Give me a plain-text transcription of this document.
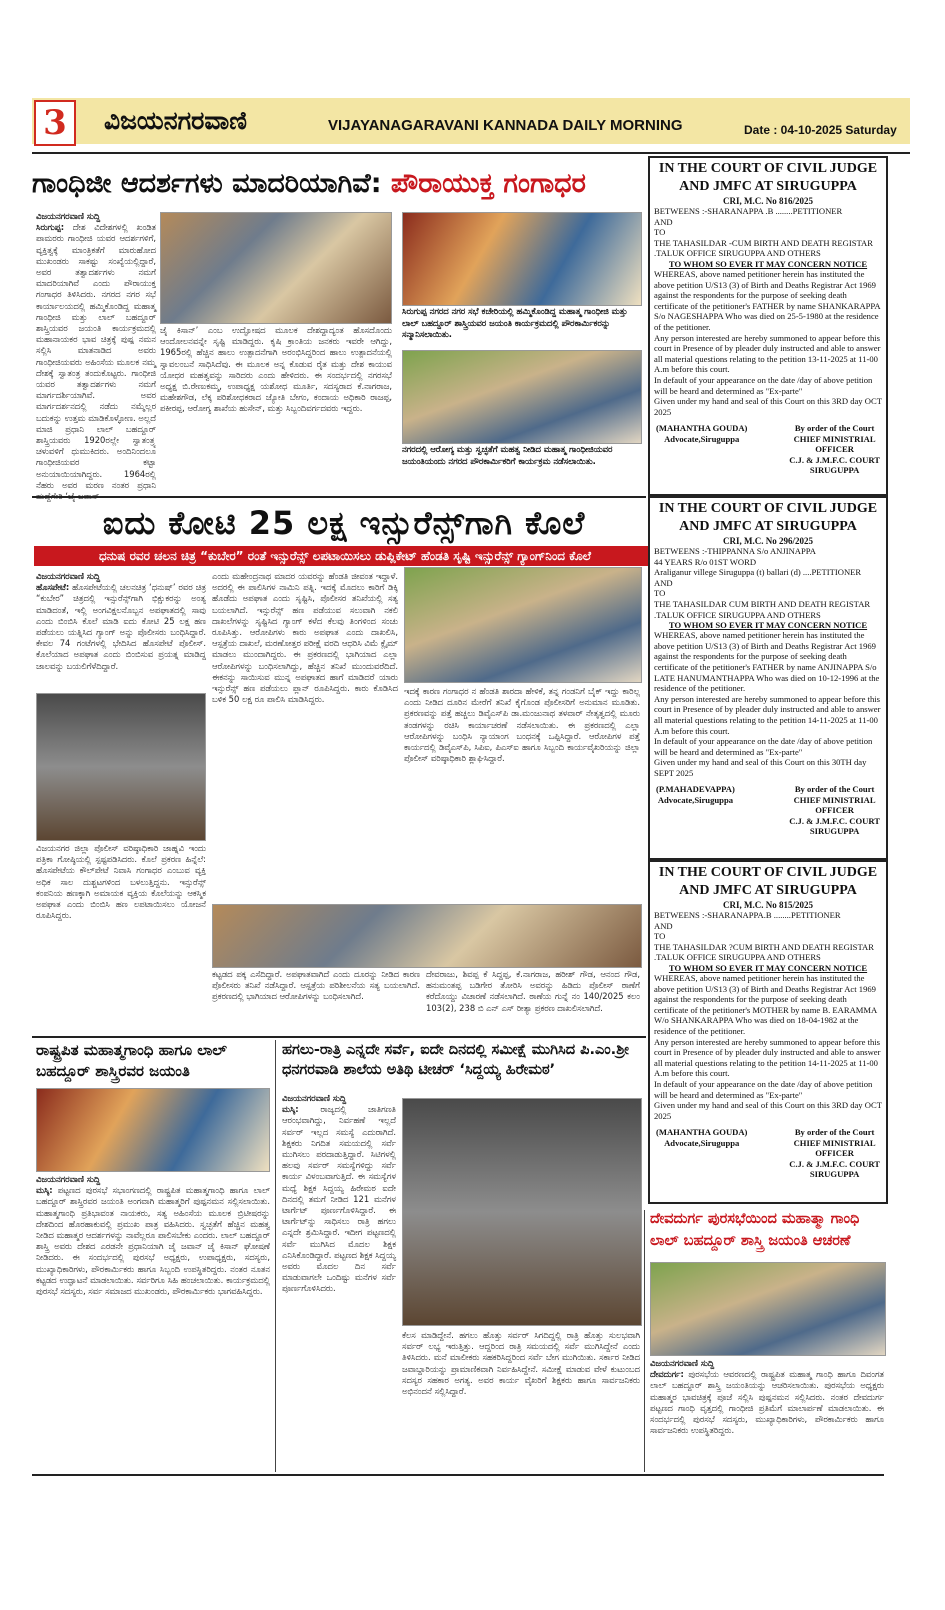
3	ವಿಜಯನಗರವಾಣಿ	VIJAYANAGARAVANI KANNADA DAILY MORNING	Date : 04-10-2025 Saturday
ಗಾಂಧಿಜೀ ಆದರ್ಶಗಳು ಮಾದರಿಯಾಗಿವೆ: ಪೌರಾಯುಕ್ತ ಗಂಗಾಧರ
ವಿಜಯನಗರವಾಣಿ ಸುದ್ದಿ
ಸಿರುಗುಪ್ಪ: ದೇಶ ವಿದೇಶಗಳಲ್ಲಿ ಖಂಡಿತ ಪಾಮರರು ಗಾಂಧೀಜಿ ಯವರ ಆದರ್ಶಗಳಿಗೆ, ವ್ಯಕ್ತಿತ್ವಕ್ಕೆ ಮಾಂತ್ರಿಕತೆಗೆ ಮಾರುಹೋದ ಮುಖಂಡರು ಸಾಕಷ್ಟು ಸಂಖ್ಯೆಯಲ್ಲಿದ್ದಾರೆ, ಅವರ ತತ್ವಾದರ್ಶಗಳು ನಮಗೆ ಮಾದರಿಯಾಗಿವೆ ಎಂದು ಪೌರಾಯುಕ್ತ ಗಂಗಾಧರ ತಿಳಿಸಿದರು. ನಗರದ ನಗರ ಸಭೆ ಕಾರ್ಯಾಲಯದಲ್ಲಿ ಹಮ್ಮಿಕೊಂಡಿದ್ದ ಮಹಾತ್ಮ ಗಾಂಧೀಜಿ ಮತ್ತು ಲಾಲ್ ಬಹದ್ದೂರ್ ಶಾಸ್ತ್ರಿಯವರ ಜಯಂತಿ ಕಾರ್ಯಕ್ರಮದಲ್ಲಿ ಮಹಾನಾಯಕರ ಭಾವ ಚಿತ್ರಕ್ಕೆ ಪುಷ್ಪ ನಮನ ಸಲ್ಲಿಸಿ ಮಾತನಾಡಿದ ಅವರು ಗಾಂಧೀಜಿಯವರು ಅಹಿಂಸೆಯ ಮೂಲಕ ನಮ್ಮ ದೇಶಕ್ಕೆ ಸ್ವಾತಂತ್ರ ತಂದುಕೊಟ್ಟರು. ಗಾಂಧೀಜಿ ಯವರ ತತ್ವಾದರ್ಶಗಳು ನಮಗೆ ಮಾರ್ಗದರ್ಶಿಯಾಗಿವೆ. ಅವರ ಮಾರ್ಗದರ್ಶನದಲ್ಲಿ ನಡೆದು ನಮ್ಮೆಲ್ಲರ ಬದುಕನ್ನು ಉತ್ತಮ ಮಾಡಿಕೊಳ್ಳೋಣ. ಅಲ್ಲದೆ ಮಾಜಿ ಪ್ರಧಾನಿ ಲಾಲ್ ಬಹದ್ದೂರ್ ಶಾಸ್ತ್ರಿಯವರು 1920ರಲ್ಲೇ ಸ್ವಾತಂತ್ರ್ಯ ಚಳುವಳಿಗೆ ಧುಮುಕಿದರು. ಅಂದಿನಿಂದಲೂ ಗಾಂಧೀಜಿಯವರ ಕಟ್ಟಾ ಅನುಯಾಯಿಯಾಗಿದ್ದರು. 1964ರಲ್ಲಿ ನೆಹರು ಅವರ ಮರಣ ನಂತರ ಪ್ರಧಾನಿ
ಜೈ ಕಿಸಾನ್’ ಎಂಬ ಉದ್ಘೋಷದ ಮೂಲಕ ದೇಶದ್ದಾದ್ಯಂತ ಹೊಸದೊಂದು ಆಂದೋಲನವನ್ನೇ ಸೃಷ್ಟಿ ಮಾಡಿದ್ದರು. ಕೃಷಿ ಕ್ರಾಂತಿಯ ಜನಕರು ಇವರೇ ಆಗಿದ್ದು, 1965ರಲ್ಲಿ ಹೆಚ್ಚಿನ ಹಾಲು ಉತ್ಪಾದನೆಗಾಗಿ ಅರಂಭಿಸಿದ್ದರಿಂದ ಹಾಲು ಉತ್ಪಾದನೆಯಲ್ಲಿ ಸ್ವಾವಲಂಬನೆ ಸಾಧಿಸಿದೆವು. ಈ ಮೂಲಕ ಅನ್ನ ಕೊಡುವ ರೈತ ಮತ್ತು ದೇಶ ಕಾಯುವ ಯೋಧರ ಮಹತ್ವವನ್ನು ಸಾರಿದರು ಎಂದು ಹೇಳಿದರು. ಈ ಸಂದರ್ಭದಲ್ಲಿ ನಗರಸಭೆ ಅಧ್ಯಕ್ಷ ಬಿ.ರೇಣುಕಮ್ಮ, ಉಪಾಧ್ಯಕ್ಷ ಯಶೋಧ ಮೂರ್ತಿ, ಸದಸ್ಯರಾದ ಕೆ.ನಾಗರಾಜ, ಮಹೇಶಗೌಡ, ಲೆಕ್ಕ ಪರಿಶೋಧಕರಾದ ಜ್ಯೋತಿ ಬೇಗಂ, ಕಂದಾಯ ಅಧಿಕಾರಿ ರಾಜಪ್ಪ, ಪಕೀರಪ್ಪ, ಆರೋಗ್ಯ ಶಾಖೆಯ ಹುಸೇನ್, ಮತ್ತು ಸಿಬ್ಬಂದಿವರ್ಗದವರು ಇದ್ದರು.
ಸಿರುಗುಪ್ಪ ನಗರದ ನಗರ ಸಭೆ ಕಚೇರಿಯಲ್ಲಿ ಹಮ್ಮಿಕೊಂಡಿದ್ದ ಮಹಾತ್ಮ ಗಾಂಧೀಜಿ ಮತ್ತು ಲಾಲ್ ಬಹದ್ದೂರ್ ಶಾಸ್ತ್ರಿಯವರ ಜಯಂತಿ ಕಾರ್ಯಕ್ರಮದಲ್ಲಿ ಪೌರಕಾರ್ಮಿಕರನ್ನು ಸನ್ಮಾನಿಸಲಾಯಿತು.
ನಗರದಲ್ಲಿ ಆರೋಗ್ಯ ಮತ್ತು ಸ್ವಚ್ಛತೆಗೆ ಮಹತ್ವ ನೀಡಿದ ಮಹಾತ್ಮ ಗಾಂಧೀಜಿಯವರ ಜಯಂತಿಯಂದು ನಗರದ ಪೌರಕಾರ್ಮಿಕರಿಗೆ ಕಾರ್ಯಕ್ರಮ ನಡೆಸಲಾಯಿತು.
ಐದು ಕೋಟಿ 25 ಲಕ್ಷ ಇನ್ಸುರೆನ್ಸ್‌ಗಾಗಿ ಕೊಲೆ
ಧನುಷ ರವರ ಚಲನ ಚಿತ್ರ “ಕುಬೇರ” ರಂತೆ ಇನ್ಸುರೆನ್ಸ್ ಲಪಟಾಯಿಸಲು ಡುಪ್ಲಿಕೇಟ್ ಹೆಂಡತಿ ಸೃಷ್ಟಿ ಇನ್ಸುರೆನ್ಸ್ ಗ್ಯಾಂಗ್‌ನಿಂದ ಕೊಲೆ
ವಿಜಯನಗರವಾಣಿ ಸುದ್ದಿ
ಹೊಸಪೇಟೆ: ಹೊಸಪೇಟೆಯಲ್ಲಿ ಚಲನಚಿತ್ರ ‘ಧನುಷ್’ ರವರ ಚಿತ್ರ “ಕುಬೇರ” ಚಿತ್ರದಲ್ಲಿ ಇನ್ಸುರೆನ್ಸ್‌ಗಾಗಿ ಭಿಕ್ಷುಕರನ್ನು ಅಂತ್ಯ ಮಾಡಿದಂತೆ, ಇಲ್ಲಿ ಅಂಗವಿಕ್ಷಲನೊಬ್ಬನ ಅಪಘಾತದಲ್ಲಿ ಸಾವು ಎಂದು ಬಿಂಬಿಸಿ ಕೊಲೆ ಮಾಡಿ ಐದು ಕೋಟಿ 25 ಲಕ್ಷ ಹಣ ಪಡೆಯಲು ಯತ್ನಿಸಿದ ಗ್ಯಾಂಗ್ ಅನ್ನು ಪೊಲೀಸರು ಬಂಧಿಸಿದ್ದಾರೆ. ಕೇವಲ 74 ಗಂಟೆಗಳಲ್ಲಿ ಭೇದಿಸಿದ ಹೊಸಪೇಟೆ ಪೊಲೀಸ್. ಕೊಲೆಯಾದ ಅಪಘಾತ ಎಂದು ಬಿಂಬಿಸುವ ಪ್ರಯತ್ನ ಮಾಡಿದ್ದ ಜಾಲವನ್ನು ಬಯಲಿಗೆಳೆದಿದ್ದಾರೆ.
ವಿಜಯನಗರ ಜಿಲ್ಲಾ ಪೊಲೀಸ್ ವರಿಷ್ಠಾಧಿಕಾರಿ ಜಾಹ್ನವಿ ಇಂದು ಪತ್ರಿಕಾ ಗೋಷ್ಠಿಯಲ್ಲಿ ಸ್ಪಷ್ಟಪಡಿಸಿದರು. ಕೊಲೆ ಪ್ರಕರಣ ಹಿನ್ನೆಲೆ: ಹೊಸಪೇಟೆಯ ಕೌಲ್‌ಪೇಟೆ ನಿವಾಸಿ ಗಂಗಾಧರ ಎಂಬುವ ವ್ಯಕ್ತಿ ಅಧಿಕ ಸಾಲ ದುಶ್ಚಟಗಳಿಂದ ಬಳಲುತ್ತಿದ್ದನು. ಇನ್ಸುರೆನ್ಸ್ ಕಂಪನಿಯ ಹಣಕ್ಕಾಗಿ ಅಮಾಯಕ ವ್ಯಕ್ತಿಯ ಕೊಲೆಯನ್ನು ಆಕಸ್ಮಿಕ ಅಪಘಾತ ಎಂದು ಬಿಂಬಿಸಿ ಹಣ ಲಪಟಾಯಿಸಲು ಯೋಜನೆ ರೂಪಿಸಿದ್ದರು.
ಎಂದು ಮಹೇಂದ್ರನಾಥ ಮಾದರ ಯವರನ್ನು ಹೆಂಡತಿ ಜೀವಂತ ಇದ್ದಾಳೆ. ಅದರಲ್ಲಿ ಈ ಪಾಲಿಸಿಗಳ ನಾಮಿನಿ ಪತ್ನಿ. ಇದಕ್ಕೆ ಮೊದಲು ಕಾರಿಗೆ ಡಿಕ್ಕಿ ಹೊಡೆದು ಅಪಘಾತ ಎಂದು ಸೃಷ್ಟಿಸಿ, ಪೊಲೀಸರ ತನಿಖೆಯಲ್ಲಿ ಸತ್ಯ ಬಯಲಾಗಿದೆ. ಇನ್ಸುರೆನ್ಸ್ ಹಣ ಪಡೆಯುವ ಸಲುವಾಗಿ ನಕಲಿ ದಾಖಲೆಗಳನ್ನು ಸೃಷ್ಟಿಸಿದ ಗ್ಯಾಂಗ್ ಕಳೆದ ಕೆಲವು ತಿಂಗಳಿಂದ ಸಂಚು ರೂಪಿಸಿತ್ತು. ಆರೋಪಿಗಳು ಕಾರು ಅಪಘಾತ ಎಂದು ದಾಖಲಿಸಿ, ಆಸ್ಪತ್ರೆಯ ದಾಖಲೆ, ಮರಣೋತ್ತರ ಪರೀಕ್ಷೆ ವರದಿ ಆಧರಿಸಿ ವಿಮೆ ಕ್ಲೈಮ್ ಮಾಡಲು ಮುಂದಾಗಿದ್ದರು. ಈ ಪ್ರಕರಣದಲ್ಲಿ ಭಾಗಿಯಾದ ಎಲ್ಲಾ ಆರೋಪಿಗಳನ್ನು ಬಂಧಿಸಲಾಗಿದ್ದು, ಹೆಚ್ಚಿನ ತನಿಖೆ ಮುಂದುವರೆದಿದೆ. ಈಕನನ್ನು ಸಾಯಿಸುವ ಮುನ್ನ ಅಪಘಾತದ ಹಾಗೆ ಮಾಡಿದರೆ ಯಾರು ಇನ್ಸುರೆನ್ಸ್ ಹಣ ಪಡೆಯಲು ಪ್ಲಾನ್ ರೂಪಿಸಿದ್ದರು. ಕಾರು ಕೊಡಿಸಿದ ಬಳಿಕ 50 ಲಕ್ಷ ರೂ ಪಾಲಿಸಿ ಮಾಡಿಸಿದ್ದರು.
ಇದಕ್ಕೆ ಕಾರಣ ಗಂಗಾಧರ ನ ಹೆಂಡತಿ ಶಾರದಾ ಹೇಳಿಕೆ, ತನ್ನ ಗಂಡನಿಗೆ ಬೈಕ್ ಇದ್ದು ಕಾರಿಲ್ಲ ಎಂದು ನೀಡಿದ ದೂರಿನ ಮೇರೆಗೆ ತನಿಖೆ ಕೈಗೊಂಡ ಪೊಲೀಸರಿಗೆ ಅನುಮಾನ ಮೂಡಿತು. ಪ್ರಕರಣವನ್ನು ಪತ್ತೆ ಹಚ್ಚಲು ಡಿವೈಎಸ್‌ಪಿ ಡಾ.ಮಂಜುನಾಥ ತಳವಾರ್ ನೇತೃತ್ವದಲ್ಲಿ ಮೂರು ತಂಡಗಳನ್ನು ರಚಿಸಿ ಕಾರ್ಯಾಚರಣೆ ನಡೆಸಲಾಯಿತು. ಈ ಪ್ರಕರಣದಲ್ಲಿ ಎಲ್ಲಾ ಆರೋಪಿಗಳನ್ನು ಬಂಧಿಸಿ ನ್ಯಾಯಾಂಗ ಬಂಧನಕ್ಕೆ ಒಪ್ಪಿಸಿದ್ದಾರೆ. ಆರೋಪಿಗಳ ಪತ್ತೆ ಕಾರ್ಯದಲ್ಲಿ ಡಿವೈಎಸ್‌ಪಿ, ಸಿಪಿಐ, ಪಿಎಸ್‌ಐ ಹಾಗೂ ಸಿಬ್ಬಂದಿ ಕಾರ್ಯವೈಖರಿಯನ್ನು ಜಿಲ್ಲಾ ಪೊಲೀಸ್ ವರಿಷ್ಠಾಧಿಕಾರಿ ಶ್ಲಾಘಿಸಿದ್ದಾರೆ.
ಕಟ್ಟಡದ ಪಕ್ಕ ಎಸೆದಿದ್ದಾರೆ. ಅಪಘಾತವಾಗಿದೆ ಎಂದು ದೂರನ್ನು ನೀಡಿದ ಕಾರಣ ಪೊಲೀಸರು ತನಿಖೆ ನಡೆಸಿದ್ದಾರೆ. ಆಸ್ಪತ್ರೆಯ ಪರಿಶೀಲನೆಯ ಸತ್ಯ ಬಯಲಾಗಿದೆ. ಪ್ರಕರಣದಲ್ಲಿ ಭಾಗಿಯಾದ ಆರೋಪಿಗಳನ್ನು ಬಂಧಿಸಲಾಗಿದೆ.
ದೇವರಾಜು, ಶಿವಪ್ಪ ಕೆ ಸಿದ್ದಪ್ಪ, ಕೆ.ನಾಗರಾಜ, ಹರೀಶ್ ಗೌಡ, ಆನಂದ ಗೌಡ, ಹನುಮಂತಪ್ಪ ಬಡಿಗೇರ ತೋರಿಸಿ ಅವರನ್ನು ಹಿಡಿದು ಪೊಲೀಸ್ ಠಾಣೆಗೆ ಕರೆದೊಯ್ದು ವಿಚಾರಣೆ ನಡೆಸಲಾಗಿದೆ. ಠಾಣೆಯ ಗುನ್ನೆ ನಂ 140/2025 ಕಲಂ 103(2), 238 ಬಿ ಎನ್ ಎಸ್ ರೀತ್ಯಾ ಪ್ರಕರಣ ದಾಖಲಿಸಲಾಗಿದೆ.
ರಾಷ್ಟ್ರಪಿತ ಮಹಾತ್ಮಗಾಂಧಿ ಹಾಗೂ ಲಾಲ್ ಬಹದ್ದೂರ್ ಶಾಸ್ತ್ರಿರವರ ಜಯಂತಿ
ವಿಜಯನಗರವಾಣಿ ಸುದ್ದಿ
ಮಸ್ಕಿ: ಪಟ್ಟಣದ ಪುರಸಭೆ ಸಭಾಂಗಣದಲ್ಲಿ ರಾಷ್ಟ್ರಪಿತ ಮಹಾತ್ಮಗಾಂಧಿ ಹಾಗೂ ಲಾಲ್ ಬಹದ್ದೂರ್ ಶಾಸ್ತ್ರಿರವರ ಜಯಂತಿ ಅಂಗವಾಗಿ ಮಹಾತ್ಮರಿಗೆ ಪುಷ್ಪನಮನ ಸಲ್ಲಿಸಲಾಯಿತು. ಮಹಾತ್ಮಗಾಂಧಿ ಪ್ರತಿಭಾವಂತ ನಾಯಕರು, ಸತ್ಯ ಅಹಿಂಸೆಯ ಮೂಲಕ ಬ್ರಿಟೀಷರನ್ನು ದೇಶದಿಂದ ಹೊರಹಾಕುವಲ್ಲಿ ಪ್ರಮುಖ ಪಾತ್ರ ವಹಿಸಿದರು. ಸ್ವಚ್ಛತೆಗೆ ಹೆಚ್ಚಿನ ಮಹತ್ವ ನೀಡಿದ ಮಹಾತ್ಮರ ಆದರ್ಶಗಳನ್ನು ನಾವೆಲ್ಲರೂ ಪಾಲಿಸಬೇಕು ಎಂದರು. ಲಾಲ್ ಬಹದ್ದೂರ್ ಶಾಸ್ತ್ರಿ ಅವರು ದೇಶದ ಎರಡನೇ ಪ್ರಧಾನಿಯಾಗಿ ಜೈ ಜವಾನ್ ಜೈ ಕಿಸಾನ್ ಘೋಷಣೆ ನೀಡಿದರು. ಈ ಸಂದರ್ಭದಲ್ಲಿ ಪುರಸಭೆ ಅಧ್ಯಕ್ಷರು, ಉಪಾಧ್ಯಕ್ಷರು, ಸದಸ್ಯರು, ಮುಖ್ಯಾಧಿಕಾರಿಗಳು, ಪೌರಕಾರ್ಮಿಕರು ಹಾಗೂ ಸಿಬ್ಬಂದಿ ಉಪಸ್ಥಿತರಿದ್ದರು. ನಂತರ ನೂತನ ಕಟ್ಟಡದ ಉದ್ಘಾಟನೆ ಮಾಡಲಾಯಿತು. ಸರ್ವರಿಗೂ ಸಿಹಿ ಹಂಚಲಾಯಿತು. ಕಾರ್ಯಕ್ರಮದಲ್ಲಿ ಪುರಸಭೆ ಸದಸ್ಯರು, ಸರ್ವ ಸಮಾಜದ ಮುಖಂಡರು, ಪೌರಕಾರ್ಮಿಕರು ಭಾಗವಹಿಸಿದ್ದರು.
ಹಗಲು-ರಾತ್ರಿ ಎನ್ನದೇ ಸರ್ವೆ, ಐದೇ ದಿನದಲ್ಲಿ ಸಮೀಕ್ಷೆ ಮುಗಿಸಿದ ಪಿ.ಎಂ.ಶ್ರೀ ಧನಗರವಾಡಿ ಶಾಲೆಯ ಅತಿಥಿ ಟೀಚರ್ ‘ಸಿದ್ದಯ್ಯ ಹಿರೇಮಠ’
ವಿಜಯನಗರವಾಣಿ ಸುದ್ದಿ
ಮಸ್ಕಿ:	ರಾಜ್ಯದಲ್ಲಿ ಜಾತಿಗಣತಿ ಆರಂಭವಾಗಿದ್ದು, ನಿರ್ವಹಣೆ ಇಲ್ಲದೆ ಸರ್ವರ್ ಇಲ್ಲದ ಸಮಸ್ಯೆ ಎದುರಾಗಿದೆ. ಶಿಕ್ಷಕರು ನಿಗದಿತ ಸಮಯದಲ್ಲಿ ಸರ್ವೆ ಮುಗಿಸಲು ಪರದಾಡುತ್ತಿದ್ದಾರೆ. ಸಿಟಿಗಳಲ್ಲಿ ಹಲವು ಸರ್ವರ್ ಸಮಸ್ಯೆಗಳಿದ್ದು ಸರ್ವೆ ಕಾರ್ಯ ವಿಳಂಬವಾಗುತ್ತಿದೆ. ಈ ಸಮಸ್ಯೆಗಳ ಮಧ್ಯೆ ಶಿಕ್ಷಕ ಸಿದ್ದಯ್ಯ ಹಿರೇಮಠ ಐದೇ ದಿನದಲ್ಲಿ ತಮಗೆ ನೀಡಿದ 121 ಮನೆಗಳ ಟಾರ್ಗೆಟ್ ಪೂರ್ಣಗೊಳಿಸಿದ್ದಾರೆ. ಈ ಟಾರ್ಗೆಟ್‌ನ್ನು ಸಾಧಿಸಲು ರಾತ್ರಿ ಹಗಲು ಎನ್ನದೇ ಶ್ರಮಿಸಿದ್ದಾರೆ. ಇದೀಗ ಪಟ್ಟಣದಲ್ಲಿ ಸರ್ವೆ ಮುಗಿಸಿದ ಮೊದಲ ಶಿಕ್ಷಕ ಎನಿಸಿಕೊಂಡಿದ್ದಾರೆ. ಪಟ್ಟಣದ ಶಿಕ್ಷಕ ಸಿದ್ದಯ್ಯ ಅವರು ಮೊದಲ ದಿನ ಸರ್ವೆ ಮಾಡುವಾಗಲೇ ಒಂದಿಷ್ಟು ಮನೆಗಳ ಸರ್ವೆ ಪೂರ್ಣಗೊಳಿಸಿದರು.
ಕೆಲಸ ಮಾಡಿದ್ದೇನೆ. ಹಗಲು ಹೊತ್ತು ಸರ್ವರ್ ಸಿಗದಿದ್ದಲ್ಲಿ ರಾತ್ರಿ ಹೊತ್ತು ಸುಲಭವಾಗಿ ಸರ್ವರ್ ಲಭ್ಯ ಇರುತ್ತಿತ್ತು. ಆದ್ದರಿಂದ ರಾತ್ರಿ ಸಮಯದಲ್ಲಿ ಸರ್ವೆ ಮುಗಿಸಿದ್ದೇನೆ ಎಂದು ತಿಳಿಸಿದರು. ಮನೆ ಮಾಲೀಕರು ಸಹಕರಿಸಿದ್ದರಿಂದ ಸರ್ವೆ ಬೇಗ ಮುಗಿಯಿತು. ಸರ್ಕಾರ ನೀಡಿದ ಜವಾಬ್ದಾರಿಯನ್ನು ಪ್ರಾಮಾಣಿಕವಾಗಿ ನಿರ್ವಹಿಸಿದ್ದೇನೆ. ಸಮೀಕ್ಷೆ ಮಾಡುವ ವೇಳೆ ಕುಟುಂಬದ ಸದಸ್ಯರ ಸಹಕಾರ ಅಗತ್ಯ. ಅವರ ಕಾರ್ಯ ವೈಖರಿಗೆ ಶಿಕ್ಷಕರು ಹಾಗೂ ಸಾರ್ವಜನಿಕರು ಅಭಿನಂದನೆ ಸಲ್ಲಿಸಿದ್ದಾರೆ.
IN THE COURT OF CIVIL JUDGE AND JMFC AT SIRUGUPPA
CRI, M.C. No 816/2025
BETWEENS :-SHARANAPPA .B ........PETITIONER
AND
TO
THE TAHASILDAR -CUM BIRTH AND DEATH REGISTAR .TALUK OFFICE SIRUGUPPA AND OTHERS
TO WHOM SO EVER IT MAY CONCERN NOTICE
WHEREAS, above named petitioner herein has instituted the above petition U/S13 (3) of Birth and Deaths Registrar Act 1969 against the respondents for the purpose of seeking death certificate of the petitioner's FATHER by name SHANKARAPPA S/o NAGESHAPPA Who was died on 25-5-1980 at the residence of the petitioner.
Any person interested are hereby summoned to appear before this court in Presence of by pleader duly instructed and able to answer all material questions relating to the petition 13-11-2025 at 11-00 A.m before this court.
In default of your appearance on the date /day of above petition will be heard and determined as "Ex-parte"
Given under my hand and seal of this Court on this 3RD day OCT 2025
(MAHANTHA GOUDA)
Advocate,Siruguppa
By order of the Court
CHIEF MINISTRIAL
OFFICER
C.J. & J.M.F.C. COURT
SIRUGUPPA
IN THE COURT OF CIVIL JUDGE AND JMFC AT SIRUGUPPA
CRI, M.C. No 296/2025
BETWEENS :-THIPPANNA S/o ANJINAPPA
44 YEARS R/o 01ST WORD
Araliganur villege Siruguppa (t) ballari (d) ....PETITIONER
AND
TO
THE TAHASILDAR CUM BIRTH AND DEATH REGISTAR .TALUK OFFICE SIRUGUPPA AND OTHERS
TO WHOM SO EVER IT MAY CONCERN NOTICE
WHEREAS, above named petitioner herein has instituted the above petition U/S13 (3) of Birth and Deaths Registrar Act 1969 against the respondents for the purpose of seeking death certificate of the petitioner's FATHER by name ANJINAPPA S/o LATE HANUMANTHAPPA Who was died on 10-12-1996 at the residence of the petitioner.
Any person interested are hereby summoned to appear before this court in Presence of by pleader duly instructed and able to answer all material questions relating to the petition 14-11-2025 at 11-00 A.m before this court.
In default of your appearance on the date /day of above petition will be heard and determined as "Ex-parte"
Given under my hand and seal of this Court on this 30TH day SEPT 2025
(P.MAHADEVAPPA)
Advocate,Siruguppa
By order of the Court
CHIEF MINISTRIAL
OFFICER
C.J. & J.M.F.C. COURT
SIRUGUPPA
IN THE COURT OF CIVIL JUDGE AND JMFC AT SIRUGUPPA
CRI, M.C. No 815/2025
BETWEENS :-SHARANAPPA.B ........PETITIONER
AND
TO
THE TAHASILDAR ?CUM BIRTH AND DEATH REGISTAR .TALUK OFFICE SIRUGUPPA AND OTHERS
TO WHOM SO EVER IT MAY CONCERN NOTICE
WHEREAS, above named petitioner herein has instituted the above petition U/S13 (3) of Birth and Deaths Registrar Act 1969 against the respondents for the purpose of seeking death certificate of the petitioner's MOTHER by name B. EARAMMA W/o SHANKARAPPA Who was died on 18-04-1982 at the residence of the petitioner.
Any person interested are hereby summoned to appear before this court in Presence of by pleader duly instructed and able to answer all material questions relating to the petition 14-11-2025 at 11-00 A.m before this court.
In default of your appearance on the date /day of above petition will be heard and determined as "Ex-parte"
Given under my hand and seal of this Court on this 3RD day OCT 2025
(MAHANTHA GOUDA)
Advocate,Siruguppa
By order of the Court
CHIEF MINISTRIAL
OFFICER
C.J. & J.M.F.C. COURT
SIRUGUPPA
ದೇವದುರ್ಗ ಪುರಸಭೆಯಿಂದ ಮಹಾತ್ಮಾ ಗಾಂಧಿ ಲಾಲ್ ಬಹದ್ದೂರ್ ಶಾಸ್ತ್ರಿ ಜಯಂತಿ ಆಚರಣೆ
ವಿಜಯನಗರವಾಣಿ ಸುದ್ದಿ
ದೇವದುರ್ಗ: ಪುರಸಭೆಯ ಆವರಣದಲ್ಲಿ ರಾಷ್ಟ್ರಪಿತ ಮಹಾತ್ಮ ಗಾಂಧಿ ಹಾಗೂ ದಿವಂಗತ ಲಾಲ್ ಬಹದ್ದೂರ್ ಶಾಸ್ತ್ರಿ ಜಯಂತಿಯನ್ನು ಆಚರಿಸಲಾಯಿತು. ಪುರಸಭೆಯ ಅಧ್ಯಕ್ಷರು ಮಹಾತ್ಮರ ಭಾವಚಿತ್ರಕ್ಕೆ ಪೂಜೆ ಸಲ್ಲಿಸಿ ಪುಷ್ಪನಮನ ಸಲ್ಲಿಸಿದರು. ನಂತರ ದೇವದುರ್ಗ ಪಟ್ಟಣದ ಗಾಂಧಿ ವೃತ್ತದಲ್ಲಿ ಗಾಂಧೀಜಿ ಪ್ರತಿಮೆಗೆ ಮಾಲಾರ್ಪಣೆ ಮಾಡಲಾಯಿತು. ಈ ಸಂದರ್ಭದಲ್ಲಿ ಪುರಸಭೆ ಸದಸ್ಯರು, ಮುಖ್ಯಾಧಿಕಾರಿಗಳು, ಪೌರಕಾರ್ಮಿಕರು ಹಾಗೂ ಸಾರ್ವಜನಿಕರು ಉಪಸ್ಥಿತರಿದ್ದರು.
